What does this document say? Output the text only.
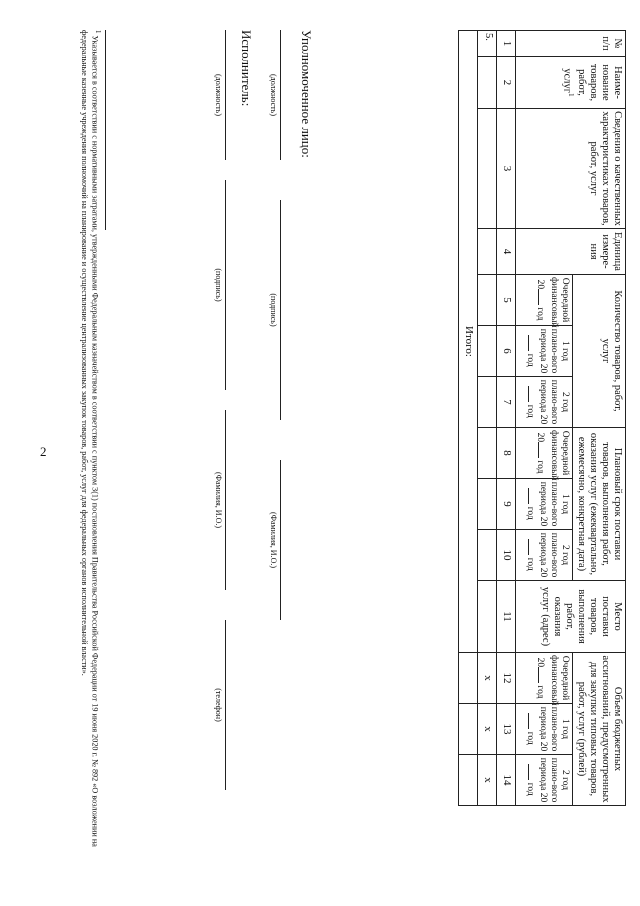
2
№ п/п	Наиме-нование товаров, работ, услуг$^1$	Сведения о качественных характеристиках товаров, работ, услуг	Единица измере-ния	Количество товаров, работ, услуг			Плановый срок поставки товаров, выполнения работ, оказания услуг (ежеквартально, ежемесячно, конкретная дата)			Место поставки товаров, выполнения работ, оказания услуг (адрес)	Объем бюджетных ассигнований, предусмотренных для закупки типовых товаров, работ, услуг (рублей)			
				Очередной финансовый 20 год	1 год плано-вого периода 20 год	2 год плано-вого периода 20 год	Очередной финансовый 20 год	1 год плано-вого периода 20 год	2 год плано-вого периода 20 год		Очередной финансовый 20 год	1 год плано-вого периода 20 год	2 год плано-вого периода 20 год	
1	2	3	4	5	6	7	8	9	10	11	12	13	14	
5.											х	х	х	
Итого:														
Уполномоченное лицо:
(должность)
(подпись)
(Фамилия, И.О.)
Исполнитель:
(должность)
(подпись)
(Фамилия, И.О.)
(телефон)
$^1$ Указывается в соответствии с нормативными затратами, утвержденными Федеральным казначейством в соответствии с пунктом 3(1) постановления Правительства Российской Федерации от 19 июня 2020 г. № 892 «О возложении на федеральные казенные учреждения полномочий на планирование и осуществление централизованных закупок товаров, работ, услуг для федеральных органов исполнительной власти».
